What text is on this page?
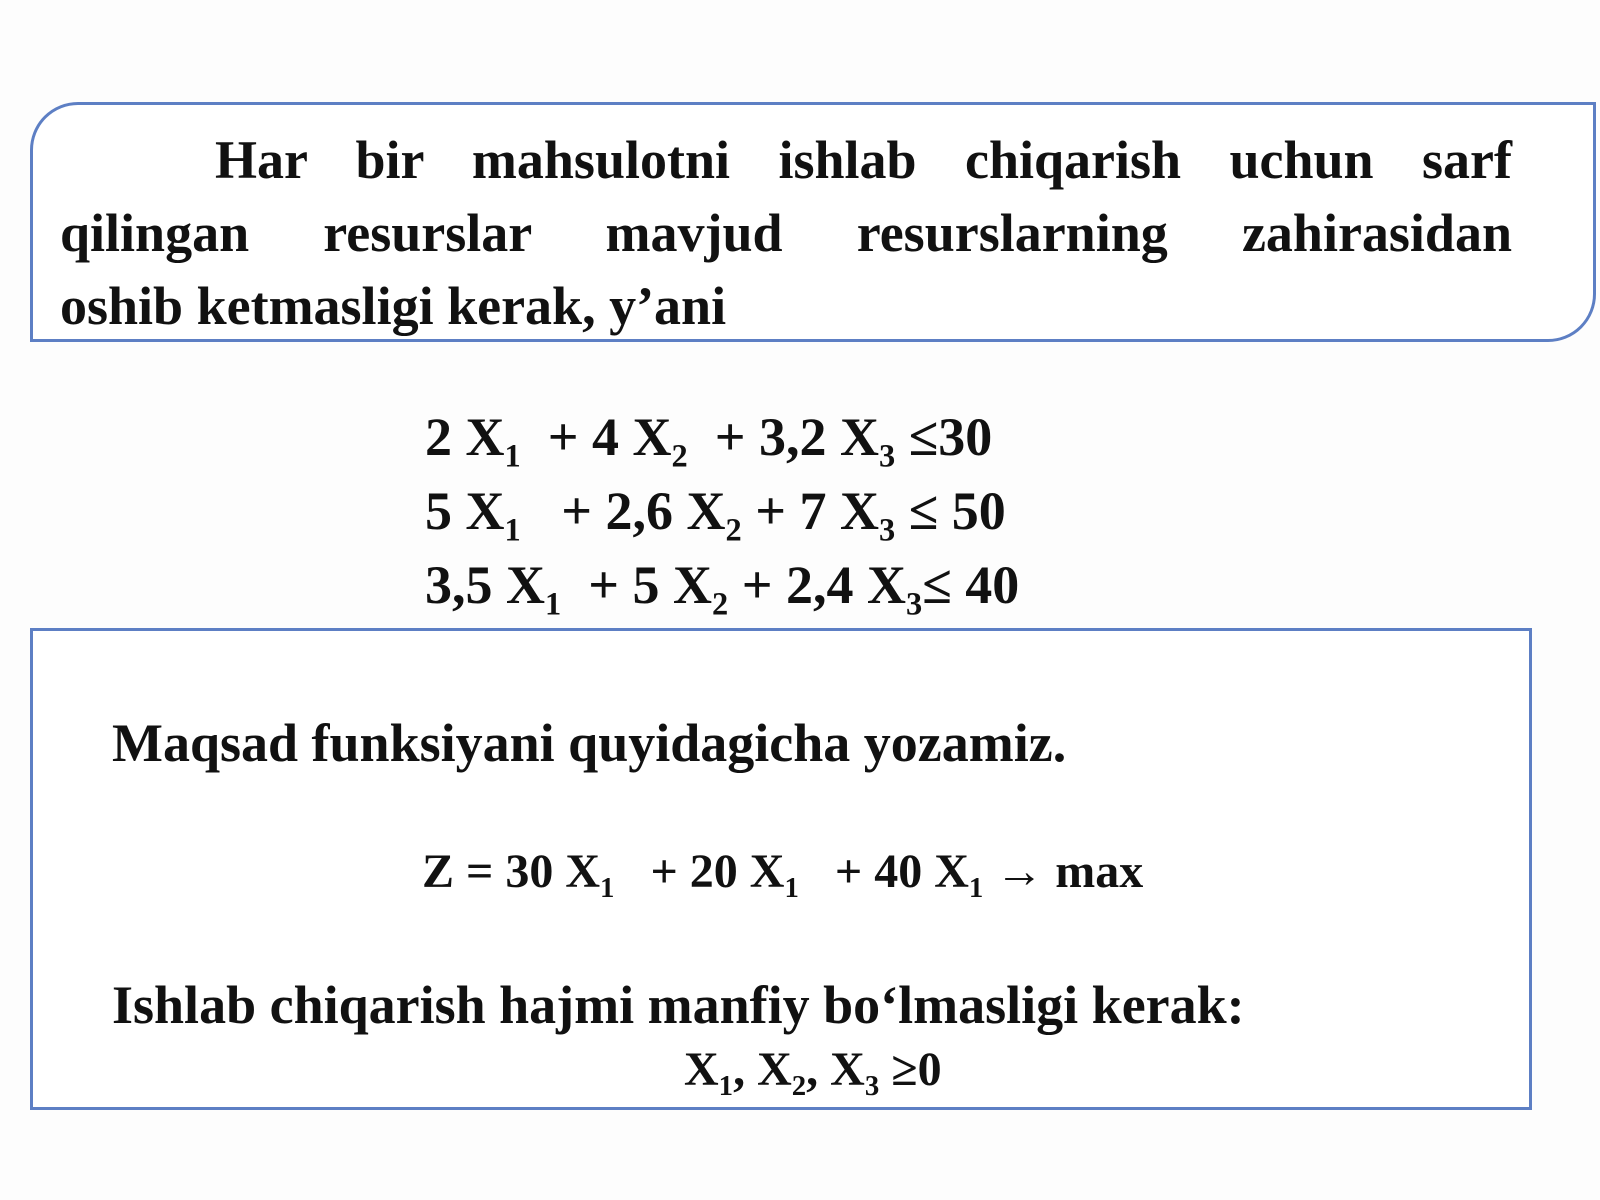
Har bir mahsulotni ishlab chiqarish uchun sarf
qilingan resurslar mavjud resurslarning zahirasidan
oshib ketmasligi kerak, y’ani
2 $X_1 + 4$ $X_2 + 3,2$ $X_3 \le 30$
5 $X_1 + 2,6$ $X_2 + 7$ $X_3 \le 50$
3,5 $X_1 + 5$ $X_2 + 2,4$ $X_3\le 40$
Maqsad funksiyani quyidagicha yozamiz.
Z = 30 $X_1 + 20$ $X_1 + 40$ $X_1 \to \max$
Ishlab chiqarish hajmi manfiy bo‘lmasligi kerak:
$X_1$, $X_2$, $X_3 \ge 0$
